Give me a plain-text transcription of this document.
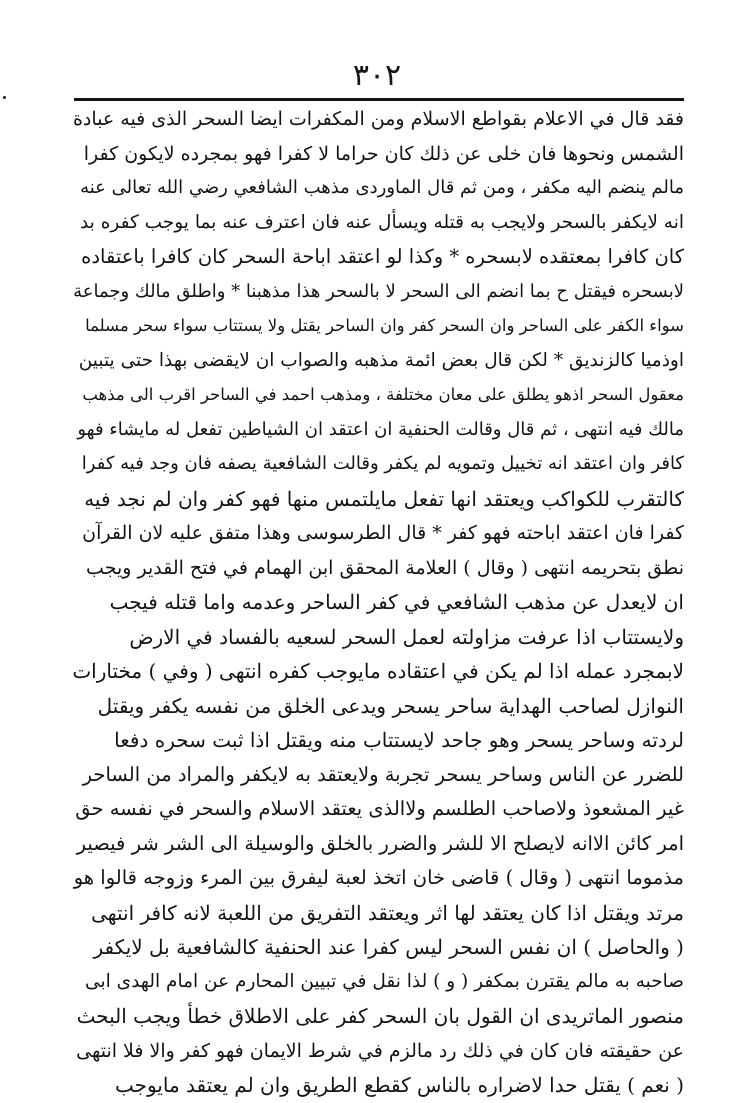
٣٠٢
فقد قال في الاعلام بقواطع الاسلام ومن المكفرات ايضا السحر الذى فيه عبادة
الشمس ونحوها فان خلى عن ذلك كان حراما لا كفرا فهو بمجرده لايكون كفرا
مالم ينضم اليه مكفر ، ومن ثم قال الماوردى مذهب الشافعي رضي الله تعالى عنه
انه لايكفر بالسحر ولايجب به قتله ويسأل عنه فان اعترف عنه بما يوجب كفره بد
كان كافرا بمعتقده لابسحره * وكذا لو اعتقد اباحة السحر كان كافرا باعتقاده
لابسحره فيقتل ح بما انضم الى السحر لا بالسحر هذا مذهبنا * واطلق مالك وجماعة
سواء الكفر على الساحر وان السحر كفر وان الساحر يقتل ولا يستتاب سواء سحر مسلما
اوذميا كالزنديق * لكن قال بعض ائمة مذهبه والصواب ان لايقضى بهذا حتى يتبين
معقول السحر اذهو يطلق على معان مختلفة ، ومذهب احمد في الساحر اقرب الى مذهب
مالك فيه انتهى ، ثم قال وقالت الحنفية ان اعتقد ان الشياطين تفعل له مايشاء فهو
كافر وان اعتقد انه تخييل وتمويه لم يكفر وقالت الشافعية يصفه فان وجد فيه كفرا
كالتقرب للكواكب ويعتقد انها تفعل مايلتمس منها فهو كفر وان لم نجد فيه
كفرا فان اعتقد اباحته فهو كفر * قال الطرسوسى وهذا متفق عليه لان القرآن
نطق بتحريمه انتهى ( وقال ) العلامة المحقق ابن الهمام في فتح القدير ويجب
ان لايعدل عن مذهب الشافعي في كفر الساحر وعدمه واما قتله فيجب
ولايستتاب اذا عرفت مزاولته لعمل السحر لسعيه بالفساد في الارض
لابمجرد عمله اذا لم يكن في اعتقاده مايوجب كفره انتهى ( وفي ) مختارات
النوازل لصاحب الهداية ساحر يسحر ويدعى الخلق من نفسه يكفر ويقتل
لردته وساحر يسحر وهو جاحد لايستتاب منه ويقتل اذا ثبت سحره دفعا
للضرر عن الناس وساحر يسحر تجربة ولايعتقد به لايكفر والمراد من الساحر
غير المشعوذ ولاصاحب الطلسم ولاالذى يعتقد الاسلام والسحر في نفسه حق
امر كائن الاانه لايصلح الا للشر والضرر بالخلق والوسيلة الى الشر شر فيصير
مذموما انتهى ( وقال ) قاضى خان اتخذ لعبة ليفرق بين المرء وزوجه قالوا هو
مرتد ويقتل اذا كان يعتقد لها اثر ويعتقد التفريق من اللعبة لانه كافر انتهى
( والحاصل ) ان نفس السحر ليس كفرا عند الحنفية كالشافعية بل لايكفر
صاحبه به مالم يقترن بمكفر ( و ) لذا نقل في تبيين المحارم عن امام الهدى ابى
منصور الماتريدى ان القول بان السحر كفر على الاطلاق خطأ ويجب البحث
عن حقيقته فان كان في ذلك رد مالزم في شرط الايمان فهو كفر والا فلا انتهى
( نعم ) يقتل حدا لاضراره بالناس كقطع الطريق وان لم يعتقد مايوجب
